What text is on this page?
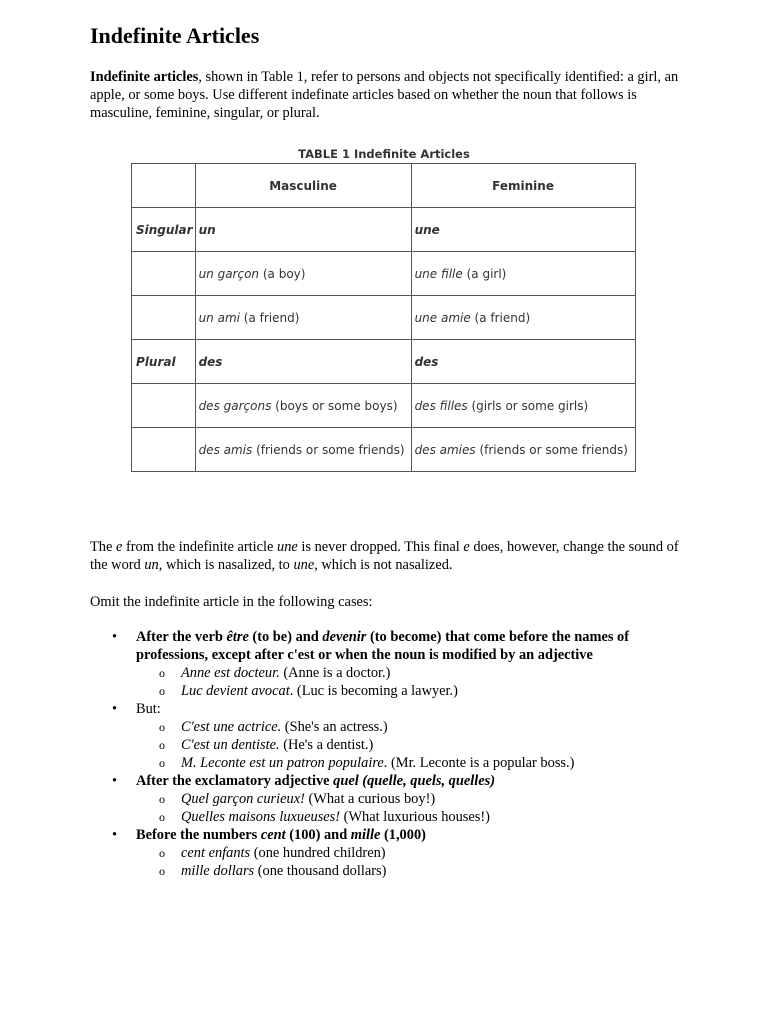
Indefinite Articles

Indefinite articles, shown in Table 1, refer to persons and objects not specifically identified: a girl, an apple, or some boys. Use different indefinate articles based on whether the noun that follows is masculine, feminine, singular, or plural.

TABLE 1 Indefinite Articles
	Masculine	Feminine
Singular	un	une
	un garçon (a boy)	une fille (a girl)
	un ami (a friend)	une amie (a friend)
Plural	des	des
	des garçons (boys or some boys)	des filles (girls or some girls)
	des amis (friends or some friends)	des amies (friends or some friends)

The e from the indefinite article une is never dropped. This final e does, however, change the sound of the word un, which is nasalized, to une, which is not nasalized.

Omit the indefinite article in the following cases:

• After the verb être (to be) and devenir (to become) that come before the names of professions, except after c'est or when the noun is modified by an adjective
o Anne est docteur. (Anne is a doctor.)
o Luc devient avocat. (Luc is becoming a lawyer.)
• But:
o C'est une actrice. (She's an actress.)
o C'est un dentiste. (He's a dentist.)
o M. Leconte est un patron populaire. (Mr. Leconte is a popular boss.)
• After the exclamatory adjective quel (quelle, quels, quelles)
o Quel garçon curieux! (What a curious boy!)
o Quelles maisons luxueuses! (What luxurious houses!)
• Before the numbers cent (100) and mille (1,000)
o cent enfants (one hundred children)
o mille dollars (one thousand dollars)
